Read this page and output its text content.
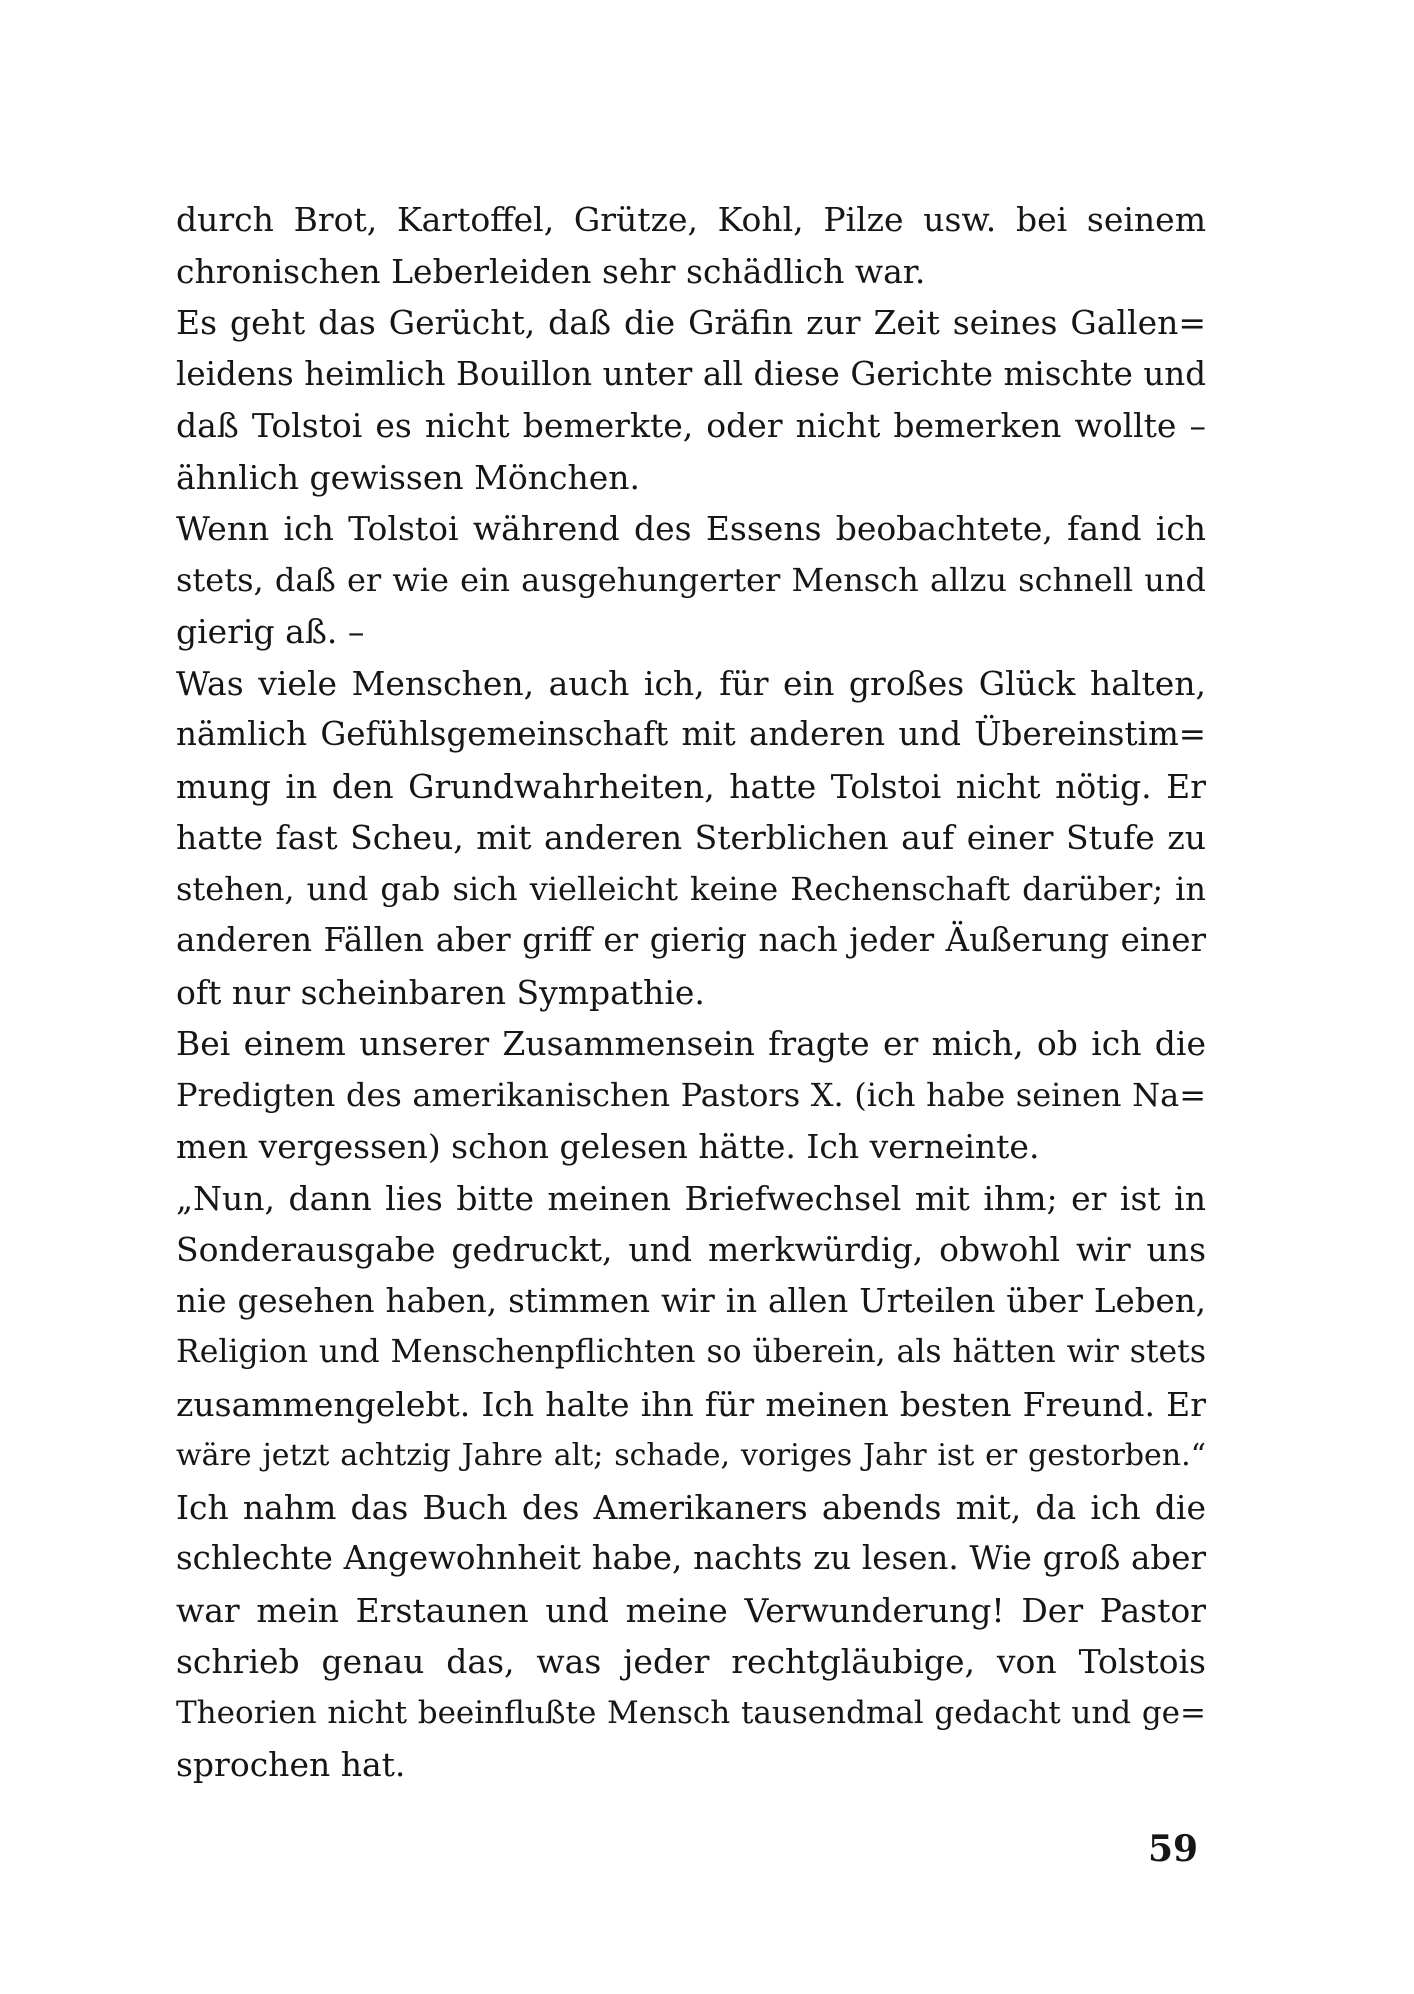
durch Brot, Kartoffel, Grütze, Kohl, Pilze usw. bei seinem
chronischen Leberleiden sehr schädlich war.
Es geht das Gerücht, daß die Gräfin zur Zeit seines Gallen=
leidens heimlich Bouillon unter all diese Gerichte mischte und
daß Tolstoi es nicht bemerkte, oder nicht bemerken wollte –
ähnlich gewissen Mönchen.
Wenn ich Tolstoi während des Essens beobachtete, fand ich
stets, daß er wie ein ausgehungerter Mensch allzu schnell und
gierig aß. –
Was viele Menschen, auch ich, für ein großes Glück halten,
nämlich Gefühlsgemeinschaft mit anderen und Übereinstim=
mung in den Grundwahrheiten, hatte Tolstoi nicht nötig. Er
hatte fast Scheu, mit anderen Sterblichen auf einer Stufe zu
stehen, und gab sich vielleicht keine Rechenschaft darüber; in
anderen Fällen aber griff er gierig nach jeder Äußerung einer
oft nur scheinbaren Sympathie.
Bei einem unserer Zusammensein fragte er mich, ob ich die
Predigten des amerikanischen Pastors X. (ich habe seinen Na=
men vergessen) schon gelesen hätte. Ich verneinte.
„Nun, dann lies bitte meinen Briefwechsel mit ihm; er ist in
Sonderausgabe gedruckt, und merkwürdig, obwohl wir uns
nie gesehen haben, stimmen wir in allen Urteilen über Leben,
Religion und Menschenpflichten so überein, als hätten wir stets
zusammengelebt. Ich halte ihn für meinen besten Freund. Er
wäre jetzt achtzig Jahre alt; schade, voriges Jahr ist er gestorben.“
Ich nahm das Buch des Amerikaners abends mit, da ich die
schlechte Angewohnheit habe, nachts zu lesen. Wie groß aber
war mein Erstaunen und meine Verwunderung! Der Pastor
schrieb genau das, was jeder rechtgläubige, von Tolstois
Theorien nicht beeinflußte Mensch tausendmal gedacht und ge=
sprochen hat.
59
